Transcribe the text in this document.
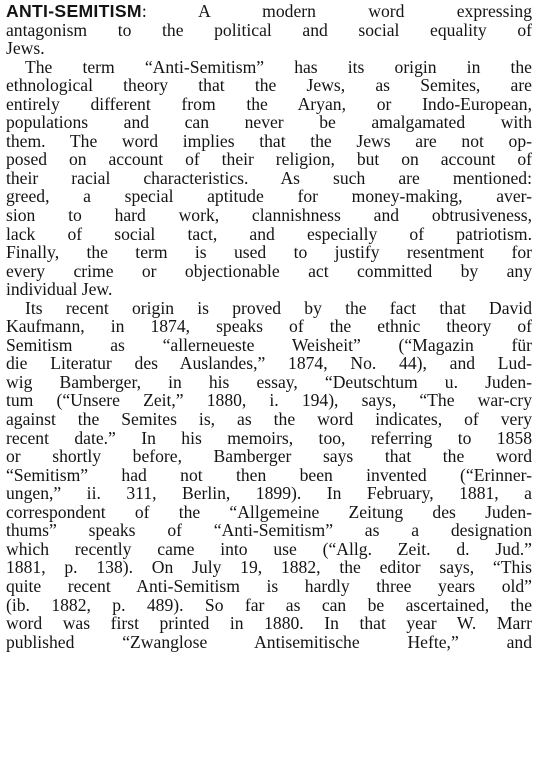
ANTI-SEMITISM: A modern word expressing
antagonism to the political and social equality of
Jews.
The term “Anti-Semitism” has its origin in the
ethnological theory that the Jews, as Semites, are
entirely different from the Aryan, or Indo-European,
populations and can never be amalgamated with
them. The word implies that the Jews are not op-
posed on account of their religion, but on account of
their racial characteristics. As such are mentioned:
greed, a special aptitude for money-making, aver-
sion to hard work, clannishness and obtrusiveness,
lack of social tact, and especially of patriotism.
Finally, the term is used to justify resentment for
every crime or objectionable act committed by any
individual Jew.
Its recent origin is proved by the fact that David
Kaufmann, in 1874, speaks of the ethnic theory of
Semitism as “allerneueste Weisheit” (“Magazin für
die Literatur des Auslandes,” 1874, No. 44), and Lud-
wig Bamberger, in his essay, “Deutschtum u. Juden-
tum (“Unsere Zeit,” 1880, i. 194), says, “The war-cry
against the Semites is, as the word indicates, of very
recent date.” In his memoirs, too, referring to 1858
or shortly before, Bamberger says that the word
“Semitism” had not then been invented (“Erinner-
ungen,” ii. 311, Berlin, 1899). In February, 1881, a
correspondent of the “Allgemeine Zeitung des Juden-
thums” speaks of “Anti-Semitism” as a designation
which recently came into use (“Allg. Zeit. d. Jud.”
1881, p. 138). On July 19, 1882, the editor says, “This
quite recent Anti-Semitism is hardly three years old”
(ib. 1882, p. 489). So far as can be ascertained, the
word was first printed in 1880. In that year W. Marr
published “Zwanglose Antisemitische Hefte,” and
